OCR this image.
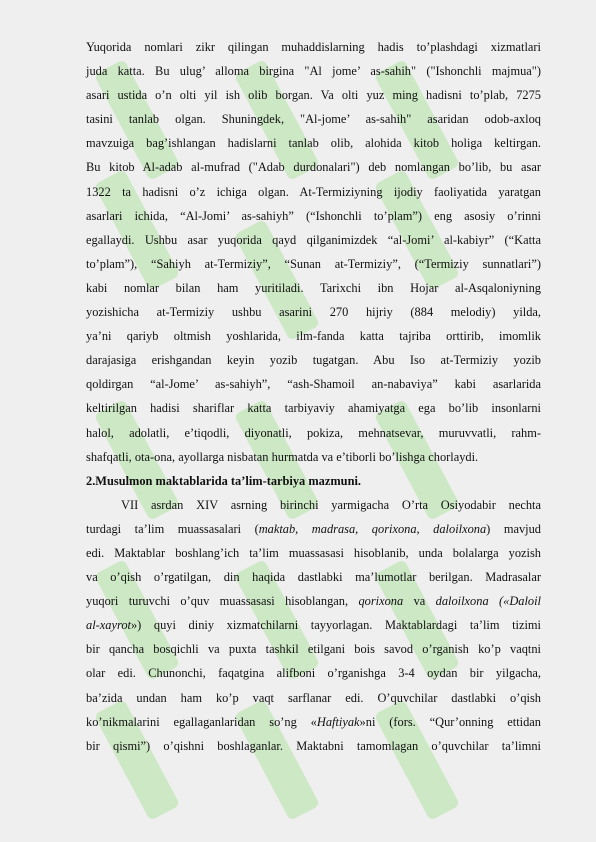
Yuqorida nomlari zikr qilingan muhaddislarning hadis to’plashdagi xizmatlari
juda katta. Bu ulug’ alloma birgina "Al jome’ as-sahih" ("Ishonchli majmua")
asari ustida o’n olti yil ish olib borgan. Va olti yuz ming hadisni to’plab, 7275
tasini tanlab olgan. Shuningdek, "Al-jome’ as-sahih" asaridan odob-axloq
mavzuiga bag’ishlangan hadislarni tanlab olib, alohida kitob holiga keltirgan.
Bu kitob Al-adab al-mufrad ("Adab durdonalari") deb nomlangan bo’lib, bu asar
1322 ta hadisni o’z ichiga olgan. At-Termiziyning ijodiy faoliyatida yaratgan
asarlari ichida, “Al-Jomi’ as-sahiyh” (“Ishonchli to’plam”) eng asosiy o’rinni
egallaydi. Ushbu asar yuqorida qayd qilganimizdek “al-Jomi’ al-kabiyr” (“Katta
to’plam”), “Sahiyh at-Termiziy”, “Sunan at-Termiziy”, (“Termiziy sunnatlari”)
kabi nomlar bilan ham yuritiladi. Tarixchi ibn Hojar al-Asqaloniyning
yozishicha at-Termiziy ushbu asarini 270 hijriy (884 melodiy) yilda,
ya’ni qariyb oltmish yoshlarida, ilm-fanda katta tajriba orttirib, imomlik
darajasiga erishgandan keyin yozib tugatgan. Abu Iso at-Termiziy yozib
qoldirgan “al-Jome’ as-sahiyh”, “ash-Shamoil an-nabaviya” kabi asarlarida
keltirilgan hadisi shariflar katta tarbiyaviy ahamiyatga ega bo’lib insonlarni
halol, adolatli, e’tiqodli, diyonatli, pokiza, mehnatsevar, muruvvatli, rahm-
shafqatli, ota-ona, ayollarga nisbatan hurmatda va e’tiborli bo’lishga chorlaydi.
2.Musulmon maktablarida ta’lim-tarbiya mazmuni.
VII asrdan XIV asrning birinchi yarmigacha O’rta Osiyodabir nechta
turdagi ta’lim muassasalari (maktab, madrasa, qorixona, daloilxona) mavjud
edi. Maktablar boshlang’ich ta’lim muassasasi hisoblanib, unda bolalarga yozish
va o’qish o’rgatilgan, din haqida dastlabki ma’lumotlar berilgan. Madrasalar
yuqori turuvchi o’quv muassasasi hisoblangan, qorixona va daloilxona («Daloil
al-xayrot») quyi diniy xizmatchilarni tayyorlagan. Maktablardagi ta’lim tizimi
bir qancha bosqichli va puxta tashkil etilgani bois savod o’rganish ko’p vaqtni
olar edi. Chunonchi, faqatgina alifboni o’rganishga 3-4 oydan bir yilgacha,
ba’zida undan ham ko’p vaqt sarflanar edi. O’quvchilar dastlabki o’qish
ko’nikmalarini egallaganlaridan so’ng «Haftiyak»ni (fors. “Qur’onning ettidan
bir qismi”) o’qishni boshlaganlar. Maktabni tamomlagan o’quvchilar ta’limni
